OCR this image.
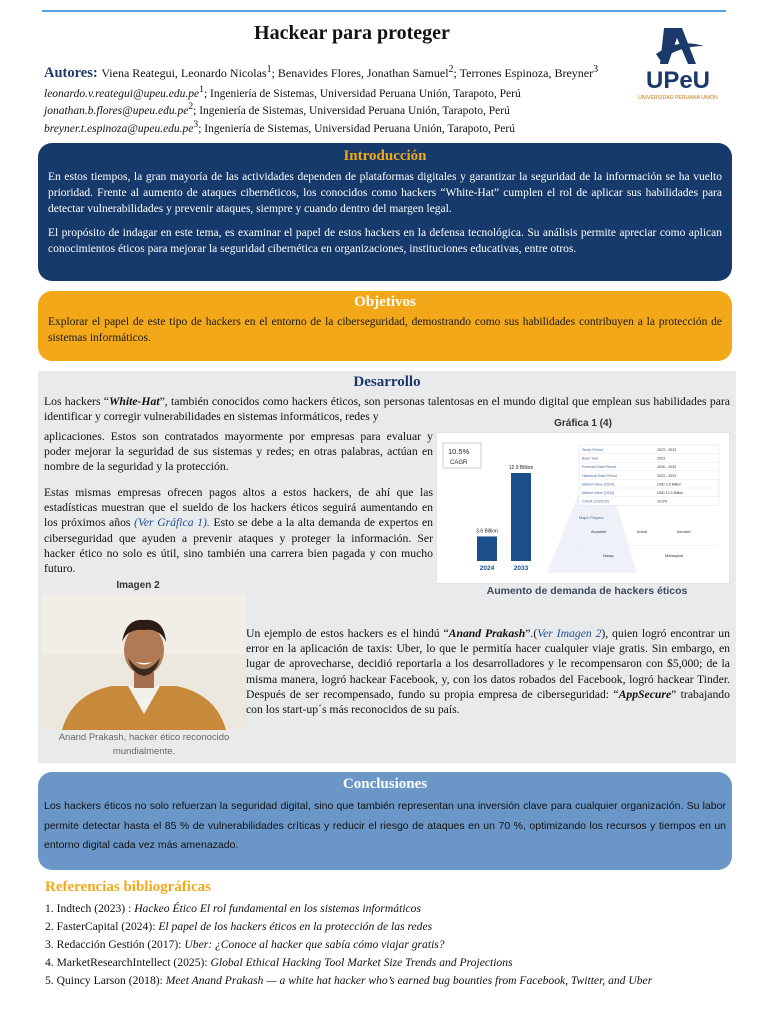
Hackear para proteger
UPeU
UNIVERSIDAD PERUANA UNIÓN
Autores: Viena Reategui, Leonardo Nicolas$^1$; Benavides Flores, Jonathan Samuel$^2$; Terrones Espinoza, Breyner$^3$
$leonardo.v.reategui@upeu.edu.pe^1$; Ingeniería de Sistemas, Universidad Peruana Unión, Tarapoto, Perú
$jonathan.b.flores@upeu.edu.pe^2$; Ingeniería de Sistemas, Universidad Peruana Unión, Tarapoto, Perú
$breyner.t.espinoza@upeu.edu.pe^3$; Ingeniería de Sistemas, Universidad Peruana Unión, Tarapoto, Perú
Introducción

En estos tiempos, la gran mayoría de las actividades dependen de plataformas digitales y garantizar la seguridad de la información se ha vuelto prioridad. Frente al aumento de ataques cibernéticos, los conocidos como hackers “White-Hat” cumplen el rol de aplicar sus habilidades para detectar vulnerabilidades y prevenir ataques, siempre y cuando dentro del margen legal.

El propósito de indagar en este tema, es examinar el papel de estos hackers en la defensa tecnológica. Su análisis permite apreciar como aplican conocimientos éticos para mejorar la seguridad cibernética en organizaciones, instituciones educativas, entre otros.

Objetivos

Explorar el papel de este tipo de hackers en el entorno de la ciberseguridad, demostrando como sus habilidades contribuyen a la protección de sistemas informáticos.

Desarrollo

Los hackers “White-Hat”, también conocidos como hackers éticos, son personas talentosas en el mundo digital que emplean sus habilidades para identificar y corregir vulnerabilidades en sistemas informáticos, redes y

aplicaciones. Estos son contratados mayormente por empresas para evaluar y poder mejorar la seguridad de sus sistemas y redes; en otras palabras, actúan en nombre de la seguridad y la protección.

Estas mismas empresas ofrecen pagos altos a estos hackers, de ahí que las estadísticas muestran que el sueldo de los hackers éticos seguirá aumentando en los próximos años (Ver Gráfica 1). Esto se debe a la alta demanda de expertos en ciberseguridad que ayuden a prevenir ataques y proteger la información. Ser hacker ético no solo es útil, sino también una carrera bien pagada y con mucho futuro.

Gráfica 1 (4)
10.5%
CAGR
3.6 Billion
2024
12.9 Billion
2033
Study Period	2023 - 2033
Base Year	2023
Forecast Data Period	2026 - 2033
Historical Data Period	2023 - 2024
Market Value (2024)	USD 3.6 Billion
Market Value (2033)	USD 12.9 Billion
CAGR (2026-33)	10.5%
Major Players
Acunetix	Invicti	Intruder
Nmap	Metasploit
Aumento de demanda de hackers éticos
Imagen 2
Anand Prakash, hacker ético reconocido mundialmente.

Un ejemplo de estos hackers es el hindú “Anand Prakash”.(Ver Imagen 2), quien logró encontrar un error en la aplicación de taxis: Uber, lo que le permitía hacer cualquier viaje gratis. Sin embargo, en lugar de aprovecharse, decidió reportarla a los desarrolladores y le recompensaron con $5,000; de la misma manera, logró hackear Facebook, y, con los datos robados del Facebook, logró hackear Tinder. Después de ser recompensado, fundo su propia empresa de ciberseguridad: “AppSecure” trabajando con los start-up´s más reconocidos de su país.

Conclusiones

Los hackers éticos no solo refuerzan la seguridad digital, sino que también representan una inversión clave para cualquier organización. Su labor permite detectar hasta el 85 % de vulnerabilidades críticas y reducir el riesgo de ataques en un 70 %, optimizando los recursos y tiempos en un entorno digital cada vez más amenazado.

Referencias bibliográficas
1. Indtech (2023) : Hackeo Ético El rol fundamental en los sistemas informáticos
2. FasterCapital (2024): El papel de los hackers éticos en la protección de las redes
3. Redacción Gestión (2017): Uber: ¿Conoce al hacker que sabía cómo viajar gratis?
4. MarketResearchIntellect (2025): Global Ethical Hacking Tool Market Size Trends and Projections
5. Quincy Larson (2018): Meet Anand Prakash — a white hat hacker who’s earned bug bounties from Facebook, Twitter, and Uber
